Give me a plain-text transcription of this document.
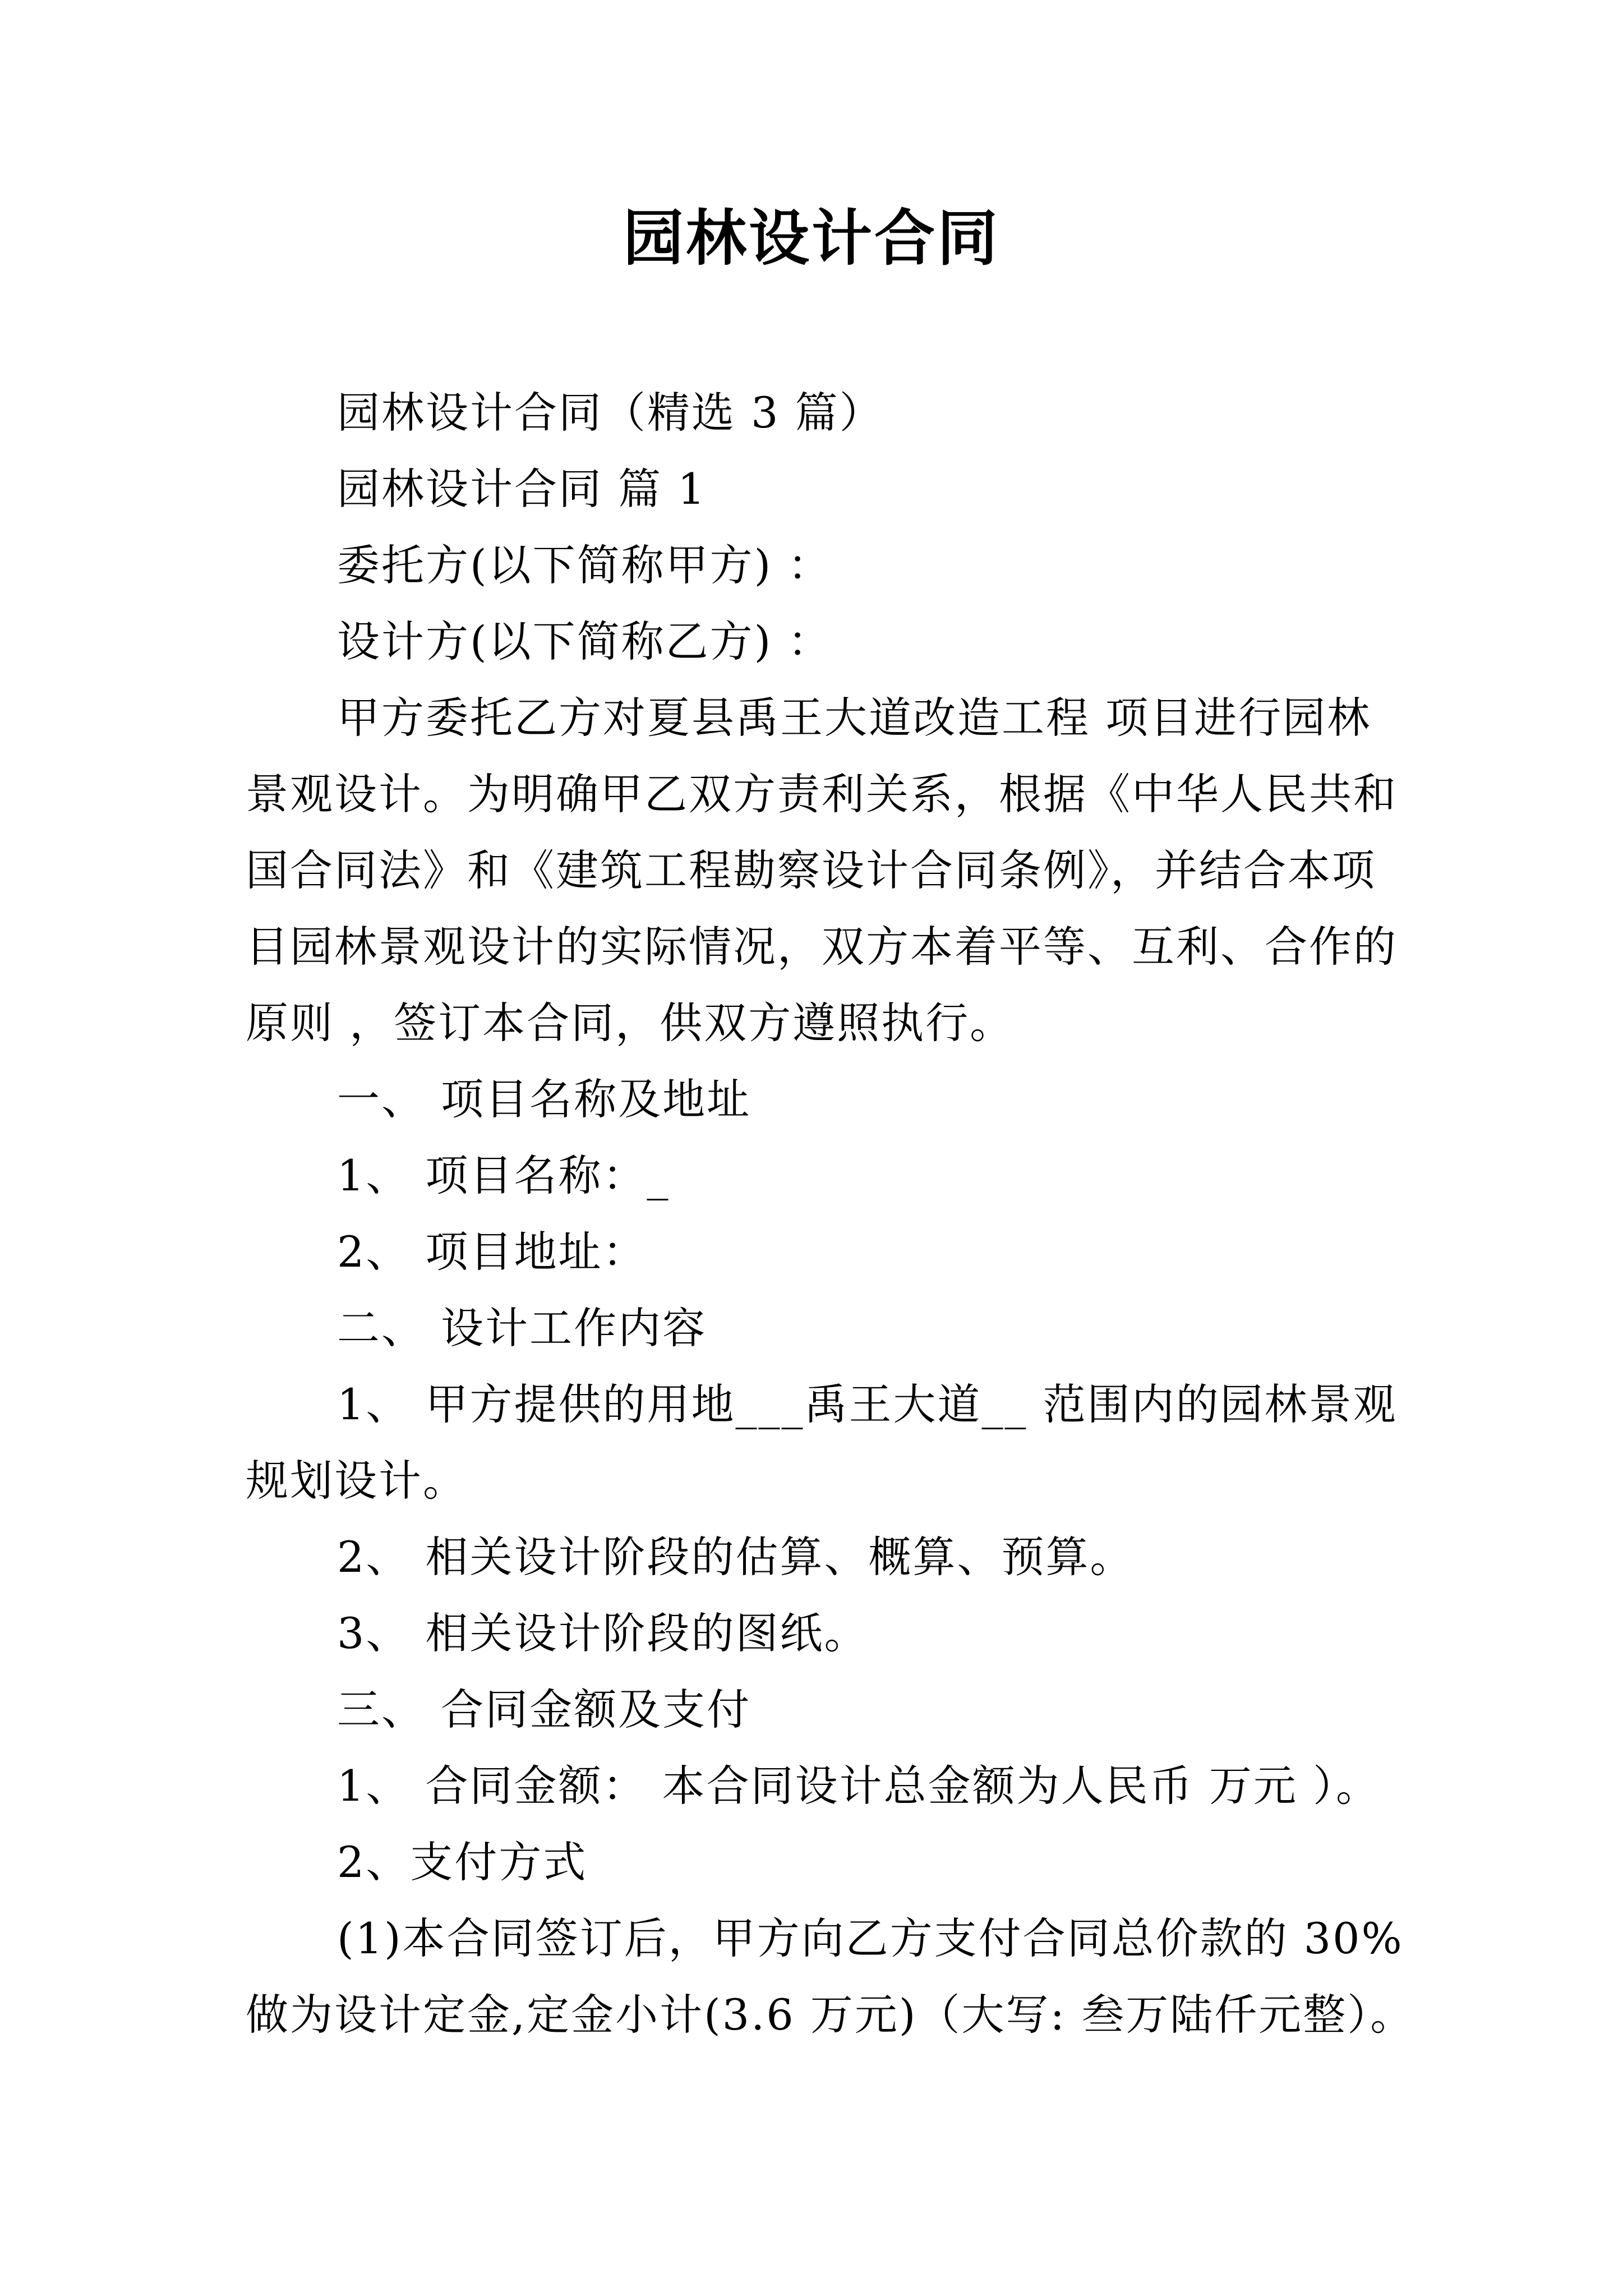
园林设计合同
园林设计合同（精选 3 篇）
园林设计合同 篇 1
委托方(以下简称甲方) ：
设计方(以下简称乙方) ：
甲方委托乙方对夏县禹王大道改造工程 项目进行园林
景观设计。为明确甲乙双方责利关系，根据《中华人民共和
国合同法》和《建筑工程勘察设计合同条例》，并结合本项
目园林景观设计的实际情况，双方本着平等、互利、合作的
原则 ，签订本合同，供双方遵照执行。
一、 项目名称及地址
1、 项目名称：_
2、 项目地址：
二、 设计工作内容
1、 甲方提供的用地___禹王大道__ 范围内的园林景观
规划设计。
2、 相关设计阶段的估算、概算、预算。
3、 相关设计阶段的图纸。
三、 合同金额及支付
1、 合同金额： 本合同设计总金额为人民币 万元 ）。
2、支付方式
(1)本合同签订后，甲方向乙方支付合同总价款的 30%
做为设计定金,定金小计(3.6 万元)（大写: 叁万陆仟元整）。
